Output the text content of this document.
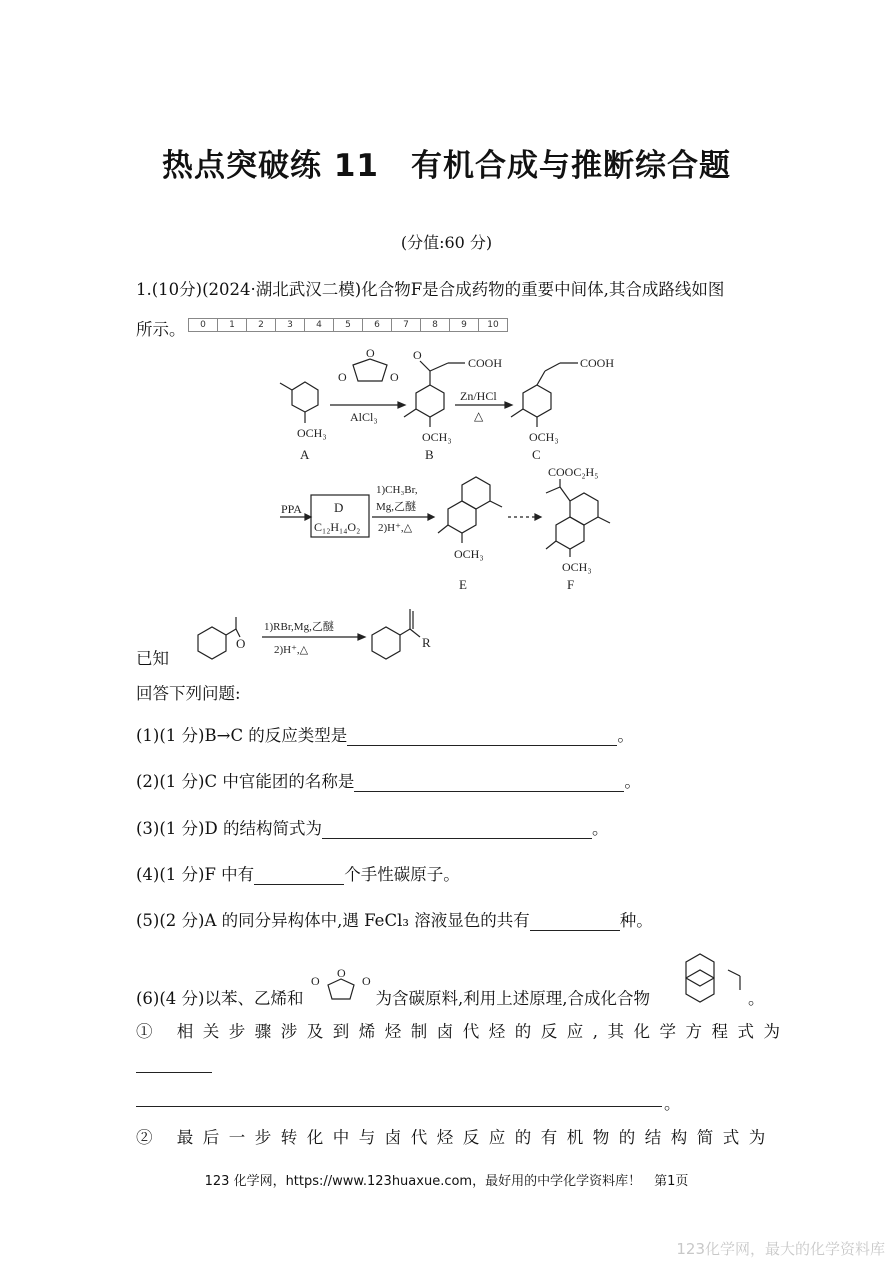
热点突破练 11　有机合成与推断综合题
(分值:60 分)
1.(10分)(2024·湖北武汉二模)化合物F是合成药物的重要中间体,其合成路线如图
所示。	0	1	2	3	4	5	6	7	8	9	10
OCH₃
A
O
O
O
AlCl₃
O
COOH
OCH₃
B
Zn/HCl
△
COOH
OCH₃
C
PPA D
C₁₂H₁₄O₂
1)CH₃Br,
Mg,乙醚
2)H⁺,△
OCH₃
E
COOC₂H₅
OCH₃
F
已知
O
1)RBr,Mg,乙醚
2)H⁺,△	R
回答下列问题:
(1)(1 分)B→C 的反应类型是	。
(2)(1 分)C 中官能团的名称是	。
(3)(1 分)D 的结构简式为	。
(4)(1 分)F 中有	个手性碳原子。
(5)(2 分)A 的同分异构体中,遇 FeCl₃ 溶液显色的共有	种。
(6)(4 分)以苯、乙烯和	为含碳原料,利用上述原理,合成化合物
O
O
O
。
① 相关步骤涉及到烯烃制卤代烃的反应,其化学方程式为
。
② 最后一步转化中与卤代烃反应的有机物的结构简式为
123 化学网，https://www.123huaxue.com，最好用的中学化学资料库！　第1页
123化学网，最大的化学资料库
